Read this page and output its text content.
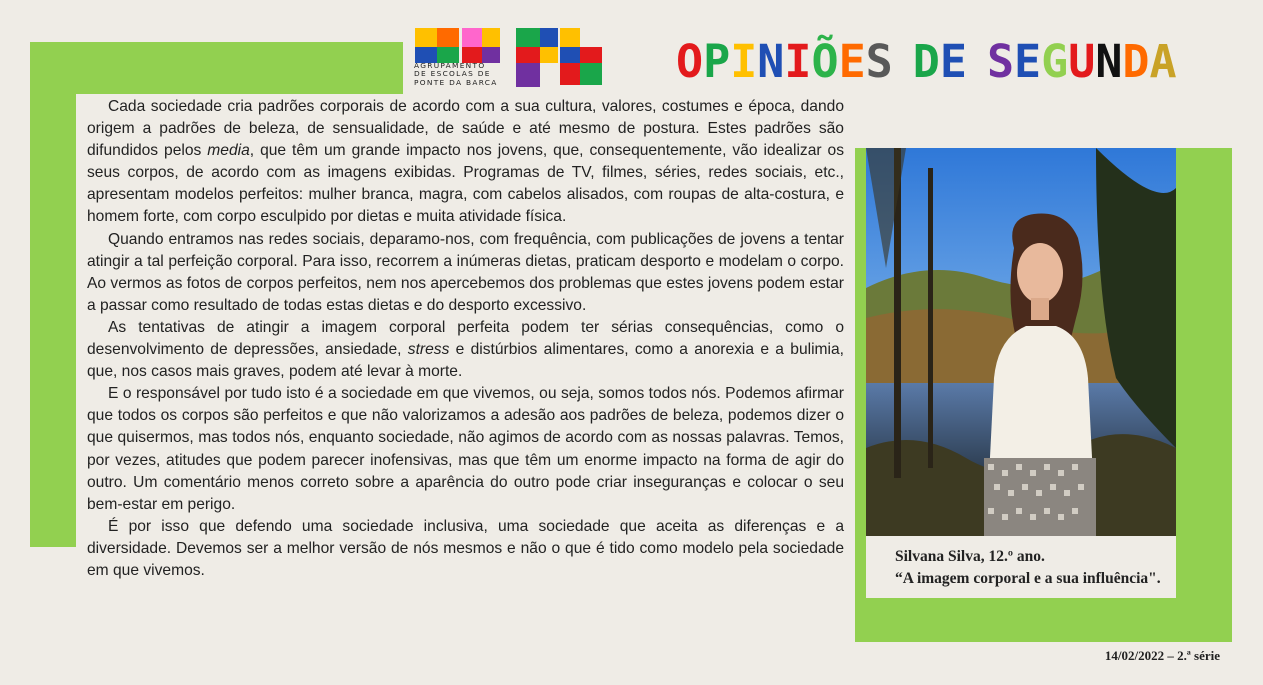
AGRUPAMENTO
DE ESCOLAS DE
PONTE DA BARCA	OPINIÕES DE SEGUNDA

Cada sociedade cria padrões corporais de acordo com a sua cultura, valores, costumes e época, dando origem a padrões de beleza, de sensualidade, de saúde e até mesmo de postura. Estes padrões são difundidos pelos media, que têm um grande impacto nos jovens, que, consequentemente, vão idealizar os seus corpos, de acordo com as imagens exibidas. Programas de TV, filmes, séries, redes sociais, etc., apresentam modelos perfeitos: mulher branca, magra, com cabelos alisados, com roupas de alta-costura, e homem forte, com corpo esculpido por dietas e muita atividade física.

Quando entramos nas redes sociais, deparamo-nos, com frequência, com publicações de jovens a tentar atingir a tal perfeição corporal. Para isso, recorrem a inúmeras dietas, praticam desporto e modelam o corpo. Ao vermos as fotos de corpos perfeitos, nem nos apercebemos dos problemas que estes jovens podem estar a passar como resultado de todas estas dietas e do desporto excessivo.

As tentativas de atingir a imagem corporal perfeita podem ter sérias consequências, como o desenvolvimento de depressões, ansiedade, stress e distúrbios alimentares, como a anorexia e a bulimia, que, nos casos mais graves, podem até levar à morte.

E o responsável por tudo isto é a sociedade em que vivemos, ou seja, somos todos nós. Podemos afirmar que todos os corpos são perfeitos e que não valorizamos a adesão aos padrões de beleza, podemos dizer o que quisermos, mas todos nós, enquanto sociedade, não agimos de acordo com as nossas palavras. Temos, por vezes, atitudes que podem parecer inofensivas, mas que têm um enorme impacto na forma de agir do outro. Um comentário menos correto sobre a aparência do outro pode criar inseguranças e colocar o seu bem-estar em perigo.

É por isso que defendo uma sociedade inclusiva, uma sociedade que aceita as diferenças e a diversidade. Devemos ser a melhor versão de nós mesmos e não o que é tido como modelo pela sociedade em que vivemos.

Silvana Silva, 12.º ano.
“A imagem corporal e a sua influência".
14/02/2022 – 2.ª série
